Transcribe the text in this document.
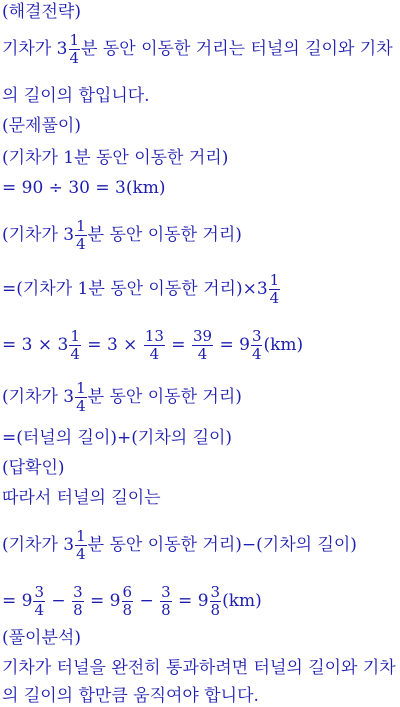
(해결전략)
기차가 $3 \frac{1}{4}$ 분 동안 이동한 거리는 터널의 길이와 기차
의 길이의 합입니다.
(문제풀이)
(기차가 1분 동안 이동한 거리)
= 90 ÷ 30 = 3(km)
(기차가 $3 \frac{1}{4}$ 분 동안 이동한 거리)
=(기차가 1분 동안 이동한 거리)$\times 3 \frac{1}{4}$
= $3 \times 3 \frac{1}{4} = 3 \times \frac{13}{4} = \frac{39}{4} = 9 \frac{3}{4} (km)$
(기차가 $3 \frac{1}{4}$ 분 동안 이동한 거리)
=(터널의 길이)+(기차의 길이)
(답확인)
따라서 터널의 길이는
(기차가 $3 \frac{1}{4}$ 분 동안 이동한 거리)−(기차의 길이)
= $9 \frac{3}{4} - \frac{3}{8} = 9 \frac{6}{8} - \frac{3}{8} = 9 \frac{3}{8} (km)$
(풀이분석)
기차가 터널을 완전히 통과하려면 터널의 길이와 기차
의 길이의 합만큼 움직여야 합니다.
